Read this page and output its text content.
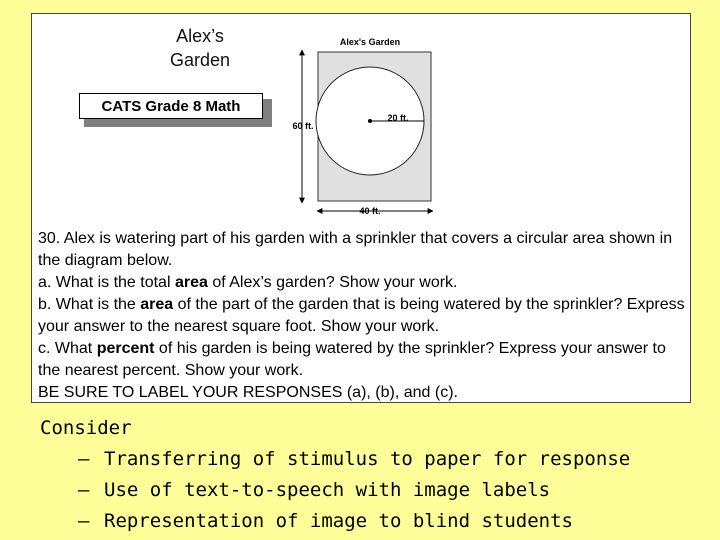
Alex’s Garden
CATS Grade 8 Math
Alex's Garden
20 ft.
60 ft.
40 ft.

30. Alex is watering part of his garden with a sprinkler that covers a circular area shown in the diagram below.

a. What is the total area of Alex’s garden? Show your work.

b. What is the area of the part of the garden that is being watered by the sprinkler? Express your answer to the nearest square foot. Show your work.

c. What percent of his garden is being watered by the sprinkler? Express your answer to the nearest percent. Show your work.

BE SURE TO LABEL YOUR RESPONSES (a), (b), and (c).

Consider
– Transferring of stimulus to paper for response
– Use of text-to-speech with image labels
– Representation of image to blind students
